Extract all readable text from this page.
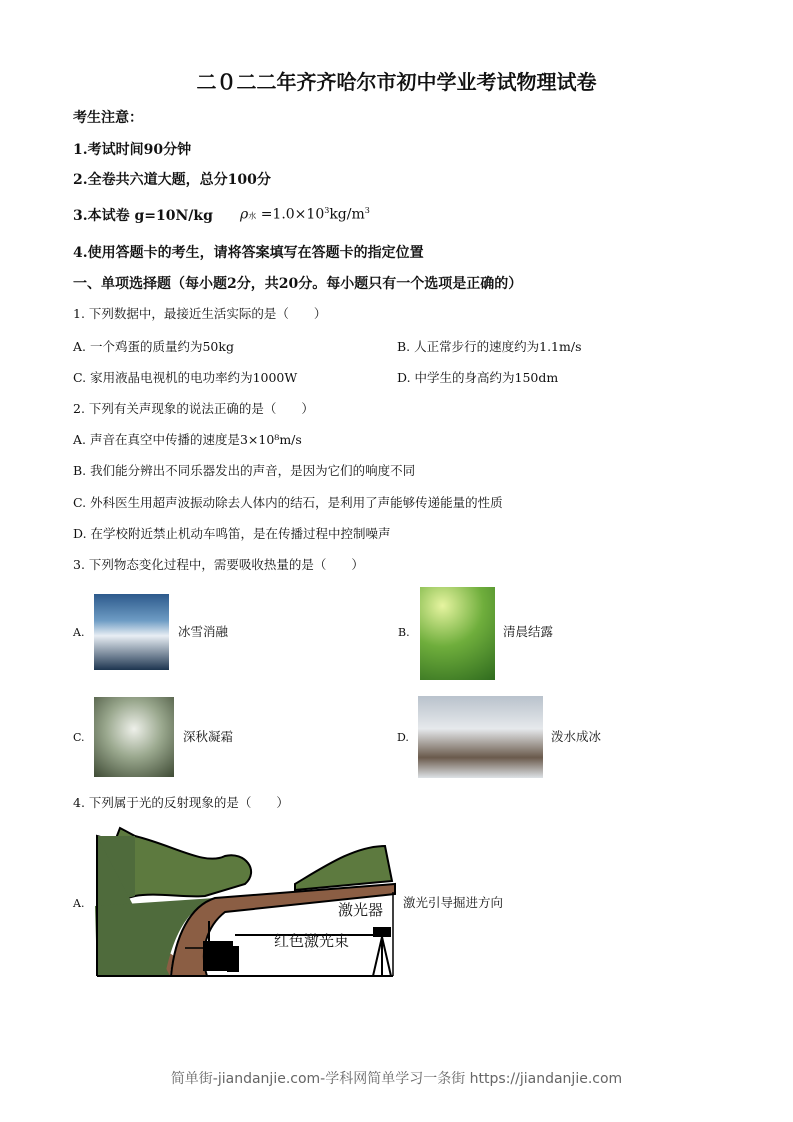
二０二二年齐齐哈尔市初中学业考试物理试卷
考生注意：
1.考试时间90分钟
2.全卷共六道大题，总分100分
3.本试卷 g=10N/kg ρ水 $=1.0\times 10^3kg/m^3$
4.使用答题卡的考生，请将答案填写在答题卡的指定位置
一、单项选择题（每小题2分，共20分。每小题只有一个选项是正确的）
1. 下列数据中，最接近生活实际的是（　　）
A. 一个鸡蛋的质量约为50kg	B. 人正常步行的速度约为1.1m/s
C. 家用液晶电视机的电功率约为1000W	D. 中学生的身高约为150dm
2. 下列有关声现象的说法正确的是（　　）
A. 声音在真空中传播的速度是3×10⁸m/s
B. 我们能分辨出不同乐器发出的声音，是因为它们的响度不同
C. 外科医生用超声波振动除去人体内的结石，是利用了声能够传递能量的性质
D. 在学校附近禁止机动车鸣笛，是在传播过程中控制噪声
3. 下列物态变化过程中，需要吸收热量的是（　　）
A.	冰雪消融	B.	清晨结露
C.	深秋凝霜	D.	泼水成冰
4. 下列属于光的反射现象的是（　　）
A.	激光器
红色激光束
激光引导掘进方向
简单街-jiandanjie.com-学科网简单学习一条街 https://jiandanjie.com
